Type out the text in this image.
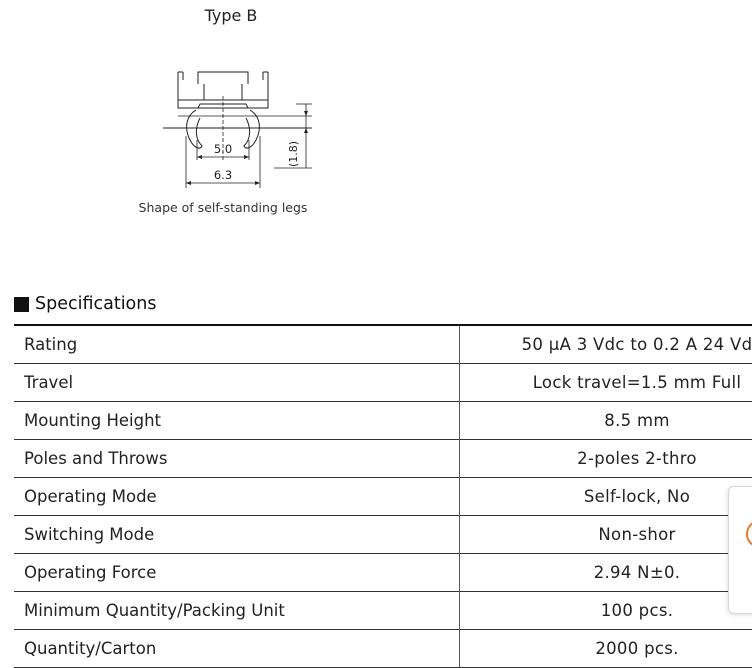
Type B
5.0
6.3
(1.8)
Shape of self-standing legs
Specifications
Rating	50 μA 3 Vdc to 0.2 A 24 Vd
Travel	Lock travel=1.5 mm Full
Mounting Height	8.5 mm
Poles and Throws	2-poles 2-thro
Operating Mode	Self-lock, No
Switching Mode	Non-shor
Operating Force	2.94 N±0.
Minimum Quantity/Packing Unit	100 pcs.
Quantity/Carton	2000 pcs.
